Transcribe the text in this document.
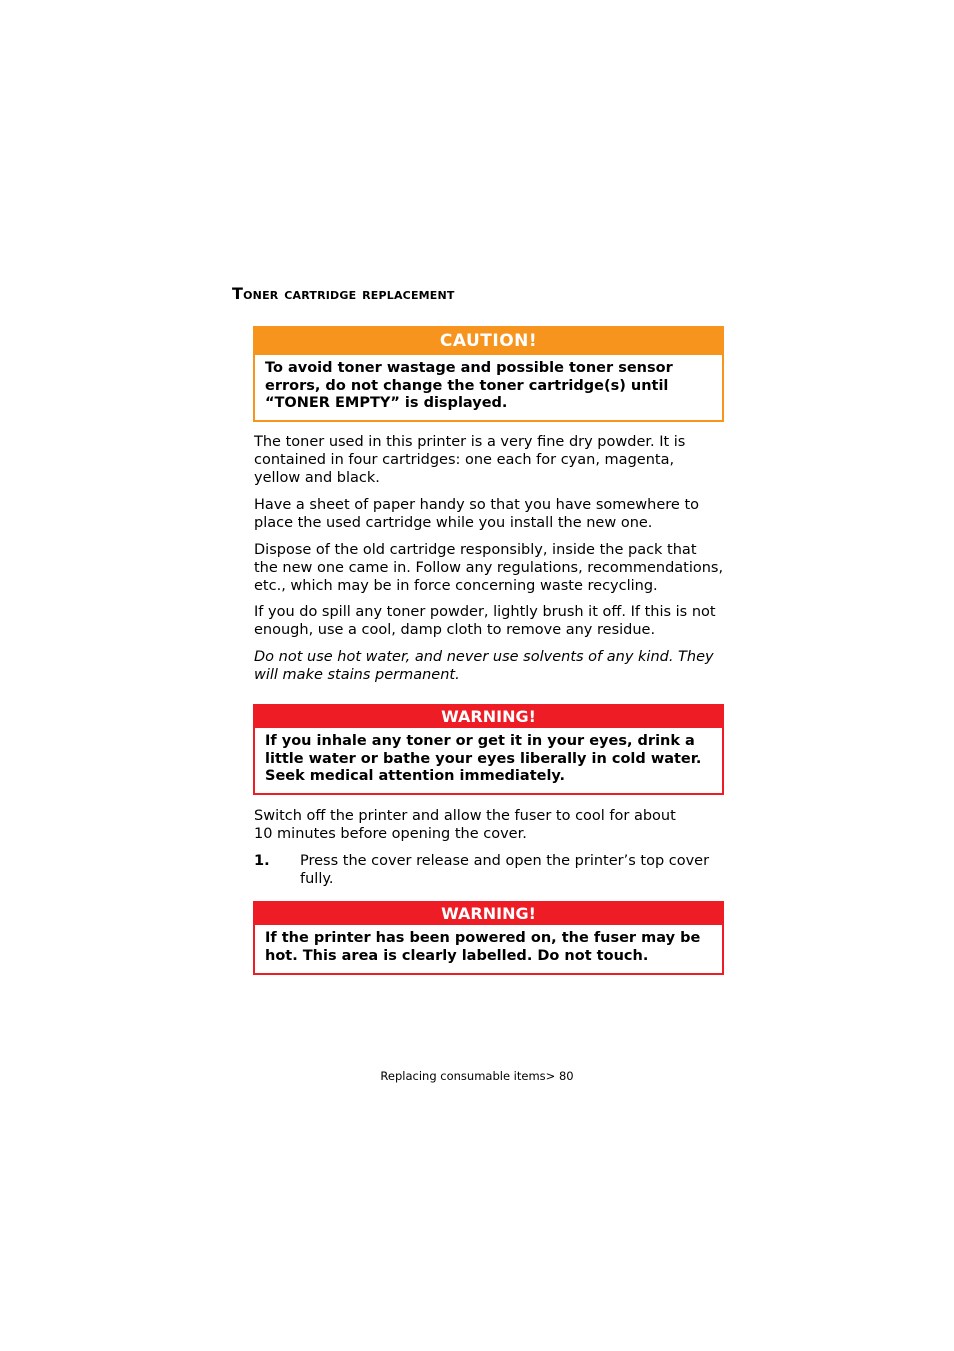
Toner cartridge replacement
CAUTION!
To avoid toner wastage and possible toner sensor errors, do not change the toner cartridge(s) until “TONER EMPTY” is displayed.

The toner used in this printer is a very fine dry powder. It is contained in four cartridges: one each for cyan, magenta, yellow and black.

Have a sheet of paper handy so that you have somewhere to place the used cartridge while you install the new one.

Dispose of the old cartridge responsibly, inside the pack that the new one came in. Follow any regulations, recommendations, etc., which may be in force concerning waste recycling.

If you do spill any toner powder, lightly brush it off. If this is not enough, use a cool, damp cloth to remove any residue.

Do not use hot water, and never use solvents of any kind. They will make stains permanent.

WARNING!
If you inhale any toner or get it in your eyes, drink a little water or bathe your eyes liberally in cold water. Seek medical attention immediately.

Switch off the printer and allow the fuser to cool for about 10 minutes before opening the cover.

1. Press the cover release and open the printer’s top cover fully.
WARNING!
If the printer has been powered on, the fuser may be hot. This area is clearly labelled. Do not touch.
Replacing consumable items> 80
